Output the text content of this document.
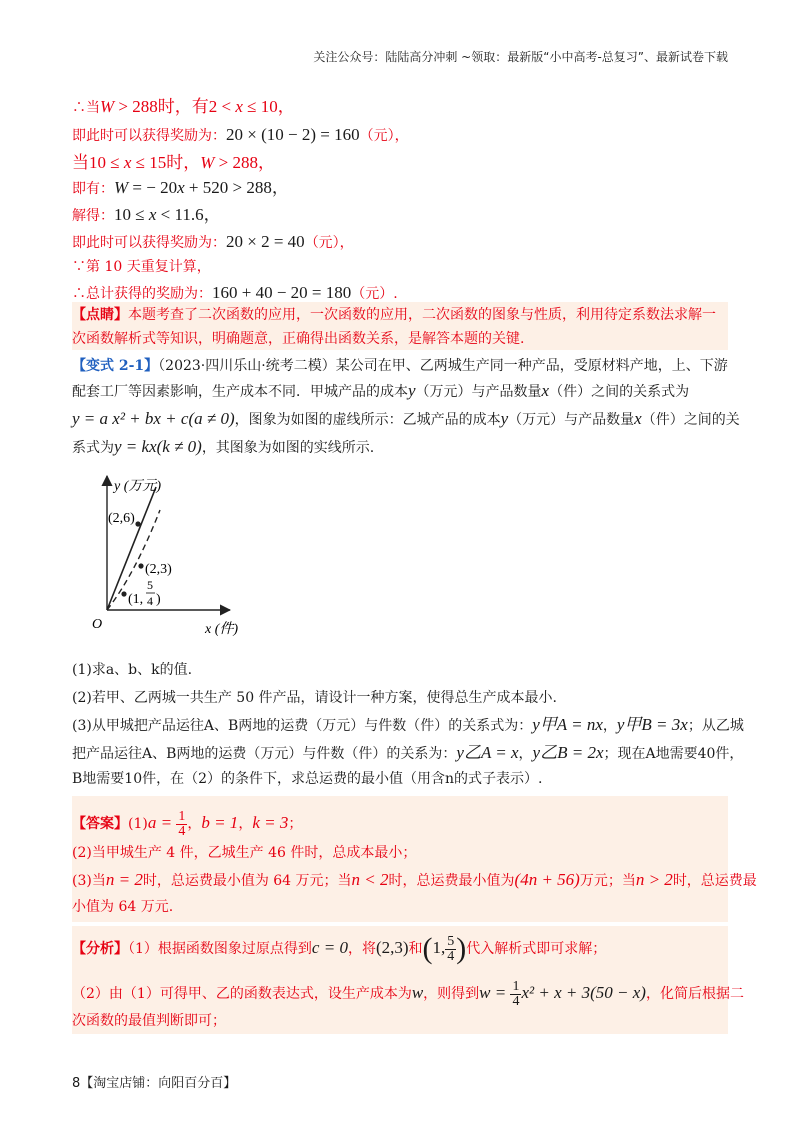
关注公众号：陆陆高分冲刺 ~领取：最新版“小中高考-总复习”、最新试卷下载
∴当W > 288时，有2 < x ≤ 10，
即此时可以获得奖励为：20 × (10 − 2) = 160（元），
当10 ≤ x ≤ 15时，W > 288，
即有：W = − 20x + 520 > 288，
解得：10 ≤ x < 11.6，
即此时可以获得奖励为：20 × 2 = 40（元），
∵第 10 天重复计算，
∴总计获得的奖励为：160 + 40 − 20 = 180（元）.
【点睛】本题考查了二次函数的应用，一次函数的应用，二次函数的图象与性质，利用待定系数法求解一
次函数解析式等知识，明确题意，正确得出函数关系，是解答本题的关键.
【变式 2-1】（2023·四川乐山·统考二模）某公司在甲、乙两城生产同一种产品，受原材料产地，上、下游
配套工厂等因素影响，生产成本不同．甲城产品的成本y（万元）与产品数量x（件）之间的关系式为
y = a x² + bx + c(a ≠ 0)，图象为如图的虚线所示：乙城产品的成本y（万元）与产品数量x（件）之间的关
系式为y = kx(k ≠ 0)，其图象为如图的实线所示.
y (万元)
x (件)
O
(2,6)
(2,3)
(1,
5
4 )
(1)求a、b、k的值.
(2)若甲、乙两城一共生产 50 件产品，请设计一种方案，使得总生产成本最小.
(3)从甲城把产品运往A、B两地的运费（万元）与件数（件）的关系式为：y甲A = nx，y甲B = 3x；从乙城
把产品运往A、B两地的运费（万元）与件数（件）的关系为：y乙A = x，y乙B = 2x；现在A地需要40件，
B地需要10件，在（2）的条件下，求总运费的最小值（用含n的式子表示）.
【答案】$(1)a = \frac{1}{4}$ ，b = 1，k = 3；
(2)当甲城生产 4 件，乙城生产 46 件时，总成本最小；
(3)当n = 2时，总运费最小值为 64 万元；当n < 2时，总运费最小值为(4n + 56)万元；当n > 2时，总运费最
小值为 64 万元.
【分析】（1）根据函数图象过原点得到c = 0，将(2,3)和(1, $\frac{5}{4}$ )代入解析式即可求解；
（2）由（1）可得甲、乙的函数表达式，设生产成本为w，则得到$w = \frac{1}{4} x^2 + x + 3(50 - x)$，化简后根据二
次函数的最值判断即可；
8【淘宝店铺：向阳百分百】
